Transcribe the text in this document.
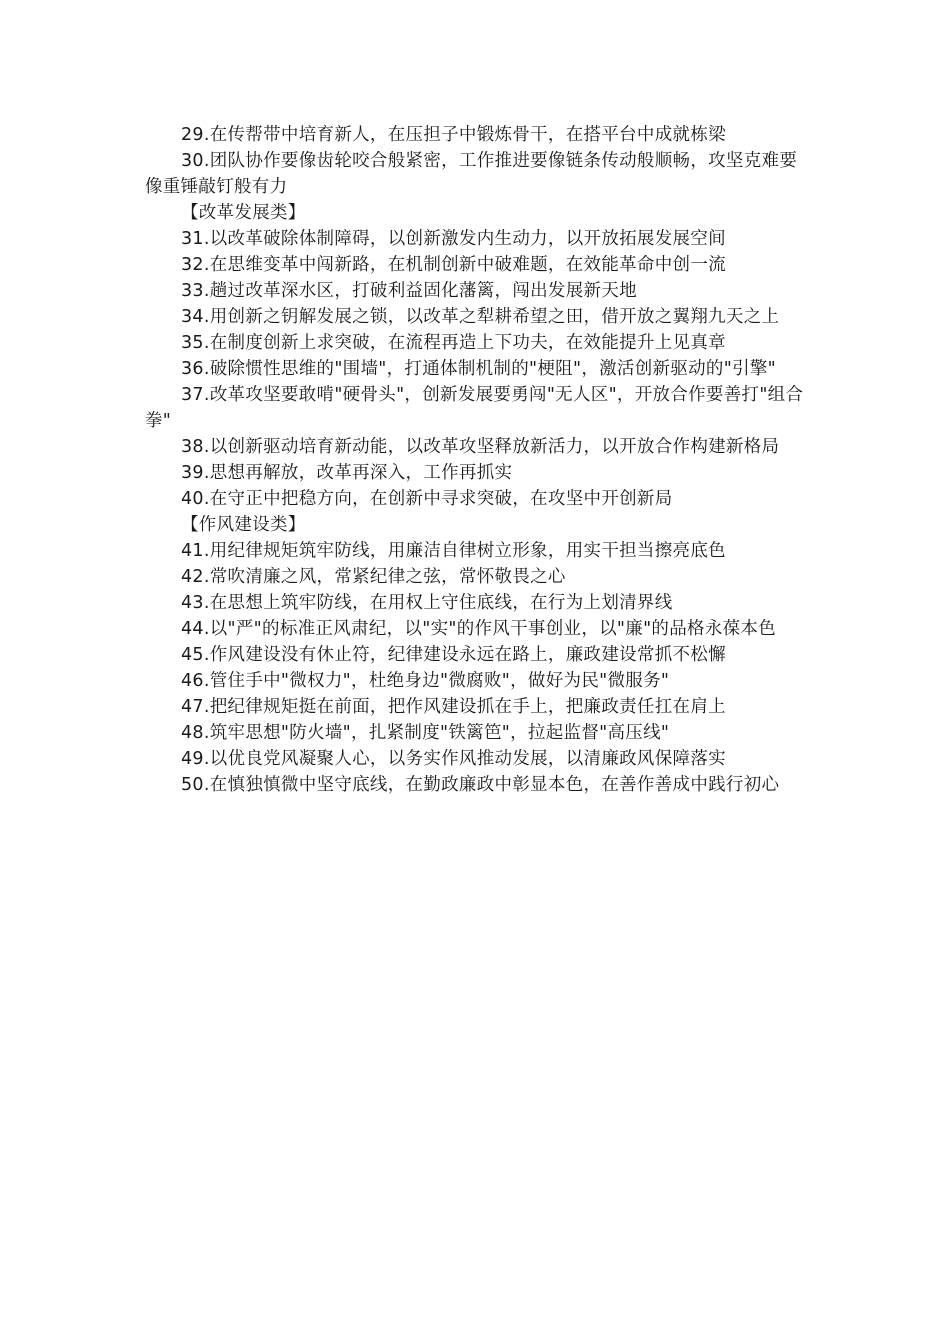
29.在传帮带中培育新人，在压担子中锻炼骨干，在搭平台中成就栋梁

30.团队协作要像齿轮咬合般紧密，工作推进要像链条传动般顺畅，攻坚克难要像重锤敲钉般有力

【改革发展类】

31.以改革破除体制障碍，以创新激发内生动力，以开放拓展发展空间

32.在思维变革中闯新路，在机制创新中破难题，在效能革命中创一流

33.趟过改革深水区，打破利益固化藩篱，闯出发展新天地

34.用创新之钥解发展之锁，以改革之犁耕希望之田，借开放之翼翔九天之上

35.在制度创新上求突破，在流程再造上下功夫，在效能提升上见真章

36.破除惯性思维的"围墙"，打通体制机制的"梗阻"，激活创新驱动的"引擎"

37.改革攻坚要敢啃"硬骨头"，创新发展要勇闯"无人区"，开放合作要善打"组合拳"

38.以创新驱动培育新动能，以改革攻坚释放新活力，以开放合作构建新格局

39.思想再解放，改革再深入，工作再抓实

40.在守正中把稳方向，在创新中寻求突破，在攻坚中开创新局

【作风建设类】

41.用纪律规矩筑牢防线，用廉洁自律树立形象，用实干担当擦亮底色

42.常吹清廉之风，常紧纪律之弦，常怀敬畏之心

43.在思想上筑牢防线，在用权上守住底线，在行为上划清界线

44.以"严"的标准正风肃纪，以"实"的作风干事创业，以"廉"的品格永葆本色

45.作风建设没有休止符，纪律建设永远在路上，廉政建设常抓不松懈

46.管住手中"微权力"，杜绝身边"微腐败"，做好为民"微服务"

47.把纪律规矩挺在前面，把作风建设抓在手上，把廉政责任扛在肩上

48.筑牢思想"防火墙"，扎紧制度"铁篱笆"，拉起监督"高压线"

49.以优良党风凝聚人心，以务实作风推动发展，以清廉政风保障落实

50.在慎独慎微中坚守底线，在勤政廉政中彰显本色，在善作善成中践行初心
